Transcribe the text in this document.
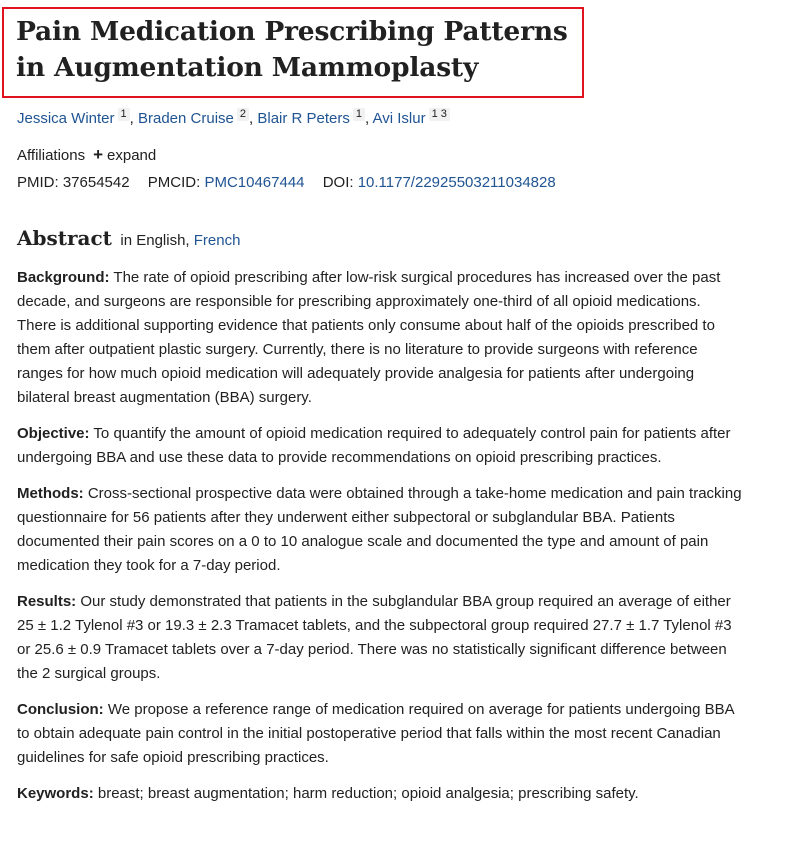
Pain Medication Prescribing Patterns in Augmentation Mammoplasty
Jessica Winter 1 , Braden Cruise 2 , Blair R Peters 1 , Avi Islur 1 3
Affiliations + expand
PMID: 37654542 PMCID: PMC10467444 DOI: 10.1177/22925503211034828
Abstract in English, French

Background: The rate of opioid prescribing after low-risk surgical procedures has increased over the past decade, and surgeons are responsible for prescribing approximately one-third of all opioid medications. There is additional supporting evidence that patients only consume about half of the opioids prescribed to them after outpatient plastic surgery. Currently, there is no literature to provide surgeons with reference ranges for how much opioid medication will adequately provide analgesia for patients after undergoing bilateral breast augmentation (BBA) surgery.

Objective: To quantify the amount of opioid medication required to adequately control pain for patients after undergoing BBA and use these data to provide recommendations on opioid prescribing practices.

Methods: Cross-sectional prospective data were obtained through a take-home medication and pain tracking questionnaire for 56 patients after they underwent either subpectoral or subglandular BBA. Patients documented their pain scores on a 0 to 10 analogue scale and documented the type and amount of pain medication they took for a 7-day period.

Results: Our study demonstrated that patients in the subglandular BBA group required an average of either 25 ± 1.2 Tylenol #3 or 19.3 ± 2.3 Tramacet tablets, and the subpectoral group required 27.7 ± 1.7 Tylenol #3 or 25.6 ± 0.9 Tramacet tablets over a 7-day period. There was no statistically significant difference between the 2 surgical groups.

Conclusion: We propose a reference range of medication required on average for patients undergoing BBA to obtain adequate pain control in the initial postoperative period that falls within the most recent Canadian guidelines for safe opioid prescribing practices.

Keywords: breast; breast augmentation; harm reduction; opioid analgesia; prescribing safety.
